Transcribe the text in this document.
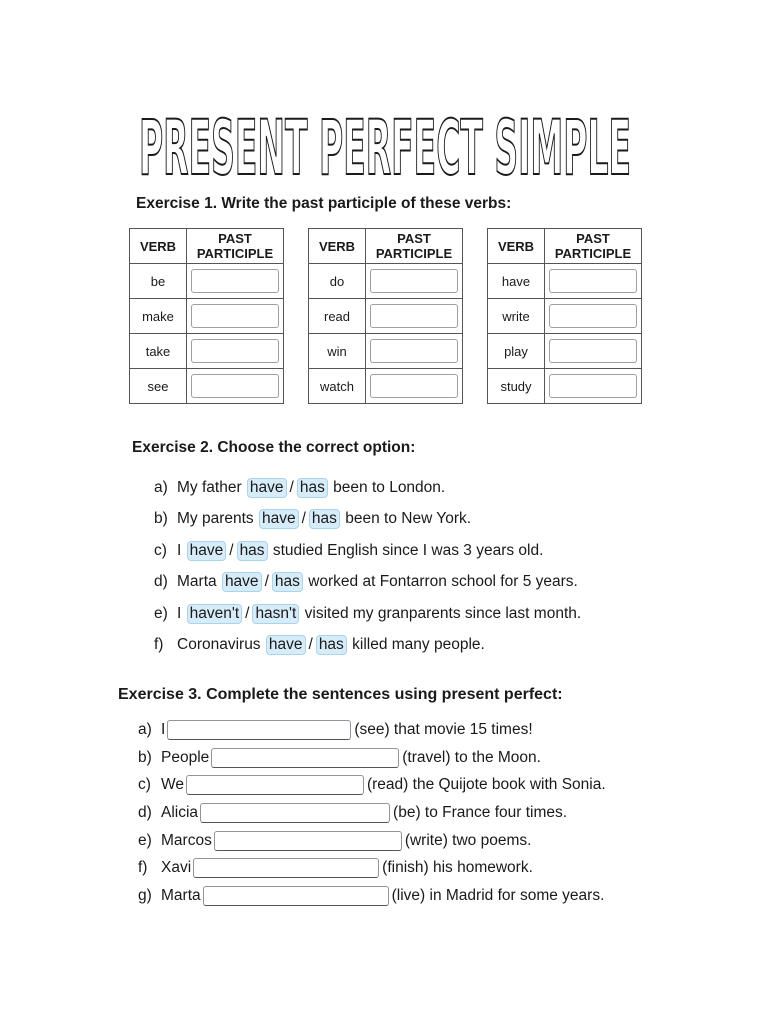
PRESENT PERFECT SIMPLE
Exercise 1. Write the past participle of these verbs:
VERB	PAST
PARTICIPLE
be	

make	

take	

see	
VERB	PAST
PARTICIPLE
do	

read	

win	

watch	
VERB	PAST
PARTICIPLE
have	

write	

play	

study	
Exercise 2. Choose the correct option:
a) My father
have / has
been to London.
b) My parents
have / has
been to New York.
c) I
have / has
studied English since I was 3 years old.
d) Marta
have / has
worked at Fontarron school for 5 years.
e) I
haven't / hasn't
visited my granparents since last month.
f) Coronavirus
have / has
killed many people.
Exercise 3. Complete the sentences using present perfect:
a) I	(see) that movie 15 times!
b) People	(travel) to the Moon.
c) We	(read) the Quijote book with Sonia.
d) Alicia	(be) to France four times.
e) Marcos	(write) two poems.
f) Xavi	(finish) his homework.
g) Marta	(live) in Madrid for some years.
